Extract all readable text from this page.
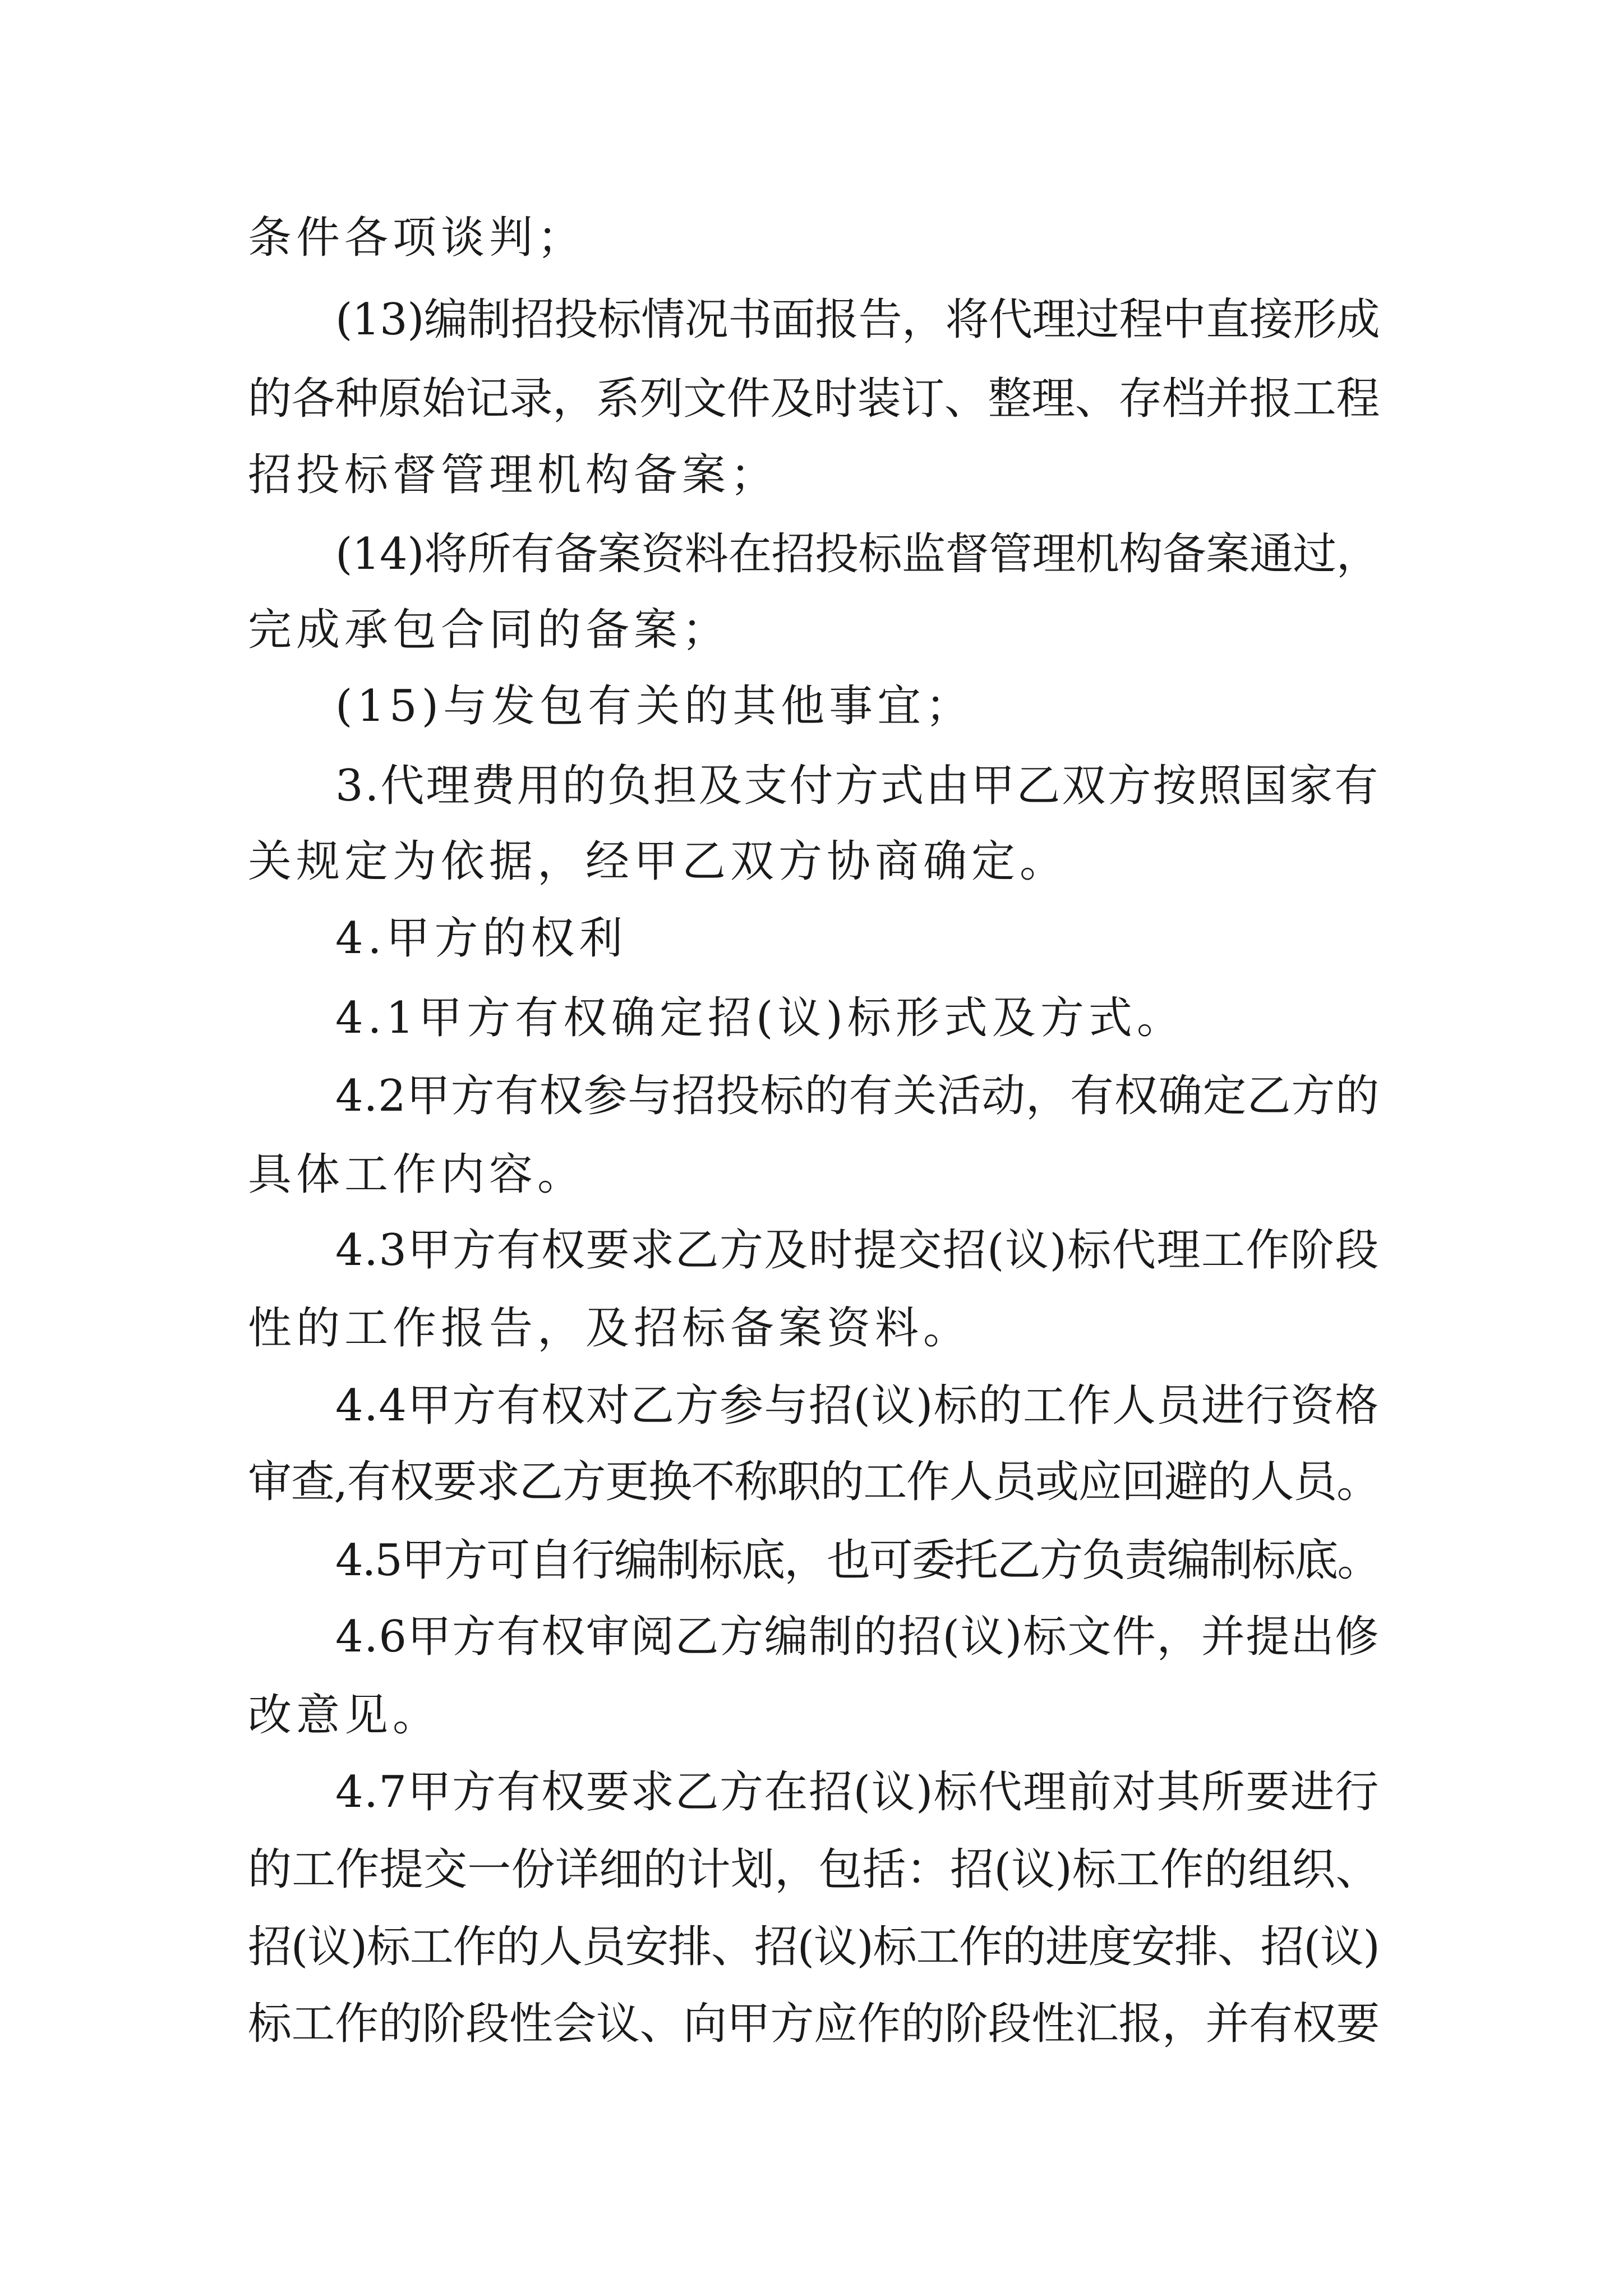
条件各项谈判；

(13)编制招投标情况书面报告，将代理过程中直接形成

的各种原始记录，系列文件及时装订、整理、存档并报工程

招投标督管理机构备案；

(14)将所有备案资料在招投标监督管理机构备案通过，

完成承包合同的备案；

(15)与发包有关的其他事宜；

3.代理费用的负担及支付方式由甲乙双方按照国家有

关规定为依据，经甲乙双方协商确定。

4.甲方的权利

4.1甲方有权确定招(议)标形式及方式。

4.2甲方有权参与招投标的有关活动，有权确定乙方的

具体工作内容。

4.3甲方有权要求乙方及时提交招(议)标代理工作阶段

性的工作报告，及招标备案资料。

4.4甲方有权对乙方参与招(议)标的工作人员进行资格

审查,有权要求乙方更换不称职的工作人员或应回避的人员。

4.5甲方可自行编制标底，也可委托乙方负责编制标底。

4.6甲方有权审阅乙方编制的招(议)标文件，并提出修

改意见。

4.7甲方有权要求乙方在招(议)标代理前对其所要进行

的工作提交一份详细的计划，包括：招(议)标工作的组织、

招(议)标工作的人员安排、招(议)标工作的进度安排、招(议)

标工作的阶段性会议、向甲方应作的阶段性汇报，并有权要
